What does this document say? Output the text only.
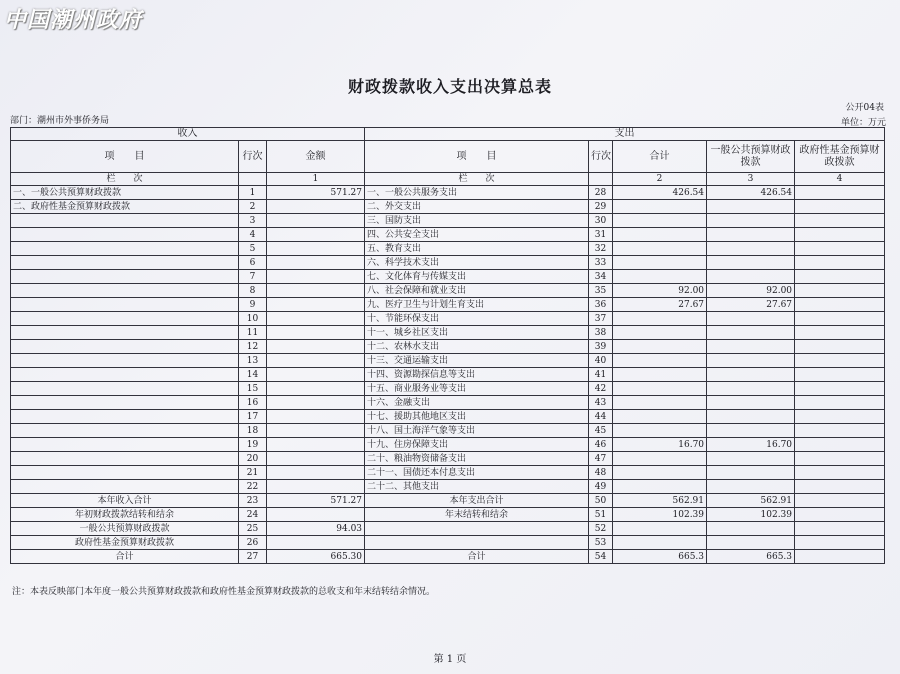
中国潮州政府
财政拨款收入支出决算总表
公开04表
部门：潮州市外事侨务局	单位：万元
收入			支出				
项　　目	行次	金额	项　　目	行次	合计	一般公共预算财政拨款	政府性基金预算财政拨款
栏　　次		1	栏　　次		2	3	4
一、一般公共预算财政拨款	1	571.27	一、一般公共服务支出	28	426.54	426.54	
二、政府性基金预算财政拨款	2		二、外交支出	29			
	3		三、国防支出	30			
	4		四、公共安全支出	31			
	5		五、教育支出	32			
	6		六、科学技术支出	33			
	7		七、文化体育与传媒支出	34			
	8		八、社会保障和就业支出	35	92.00	92.00	
	9		九、医疗卫生与计划生育支出	36	27.67	27.67	
	10		十、节能环保支出	37			
	11		十一、城乡社区支出	38			
	12		十二、农林水支出	39			
	13		十三、交通运输支出	40			
	14		十四、资源勘探信息等支出	41			
	15		十五、商业服务业等支出	42			
	16		十六、金融支出	43			
	17		十七、援助其他地区支出	44			
	18		十八、国土海洋气象等支出	45			
	19		十九、住房保障支出	46	16.70	16.70	
	20		二十、粮油物资储备支出	47			
	21		二十一、国债还本付息支出	48			
	22		二十二、其他支出	49			
本年收入合计	23	571.27	本年支出合计	50	562.91	562.91	
年初财政拨款结转和结余	24		年末结转和结余	51	102.39	102.39	
一般公共预算财政拨款	25	94.03		52			
政府性基金预算财政拨款	26			53			
合计	27	665.30	合计	54	665.3	665.3	
注：本表反映部门本年度一般公共预算财政拨款和政府性基金预算财政拨款的总收支和年末结转结余情况。
第 1 页
